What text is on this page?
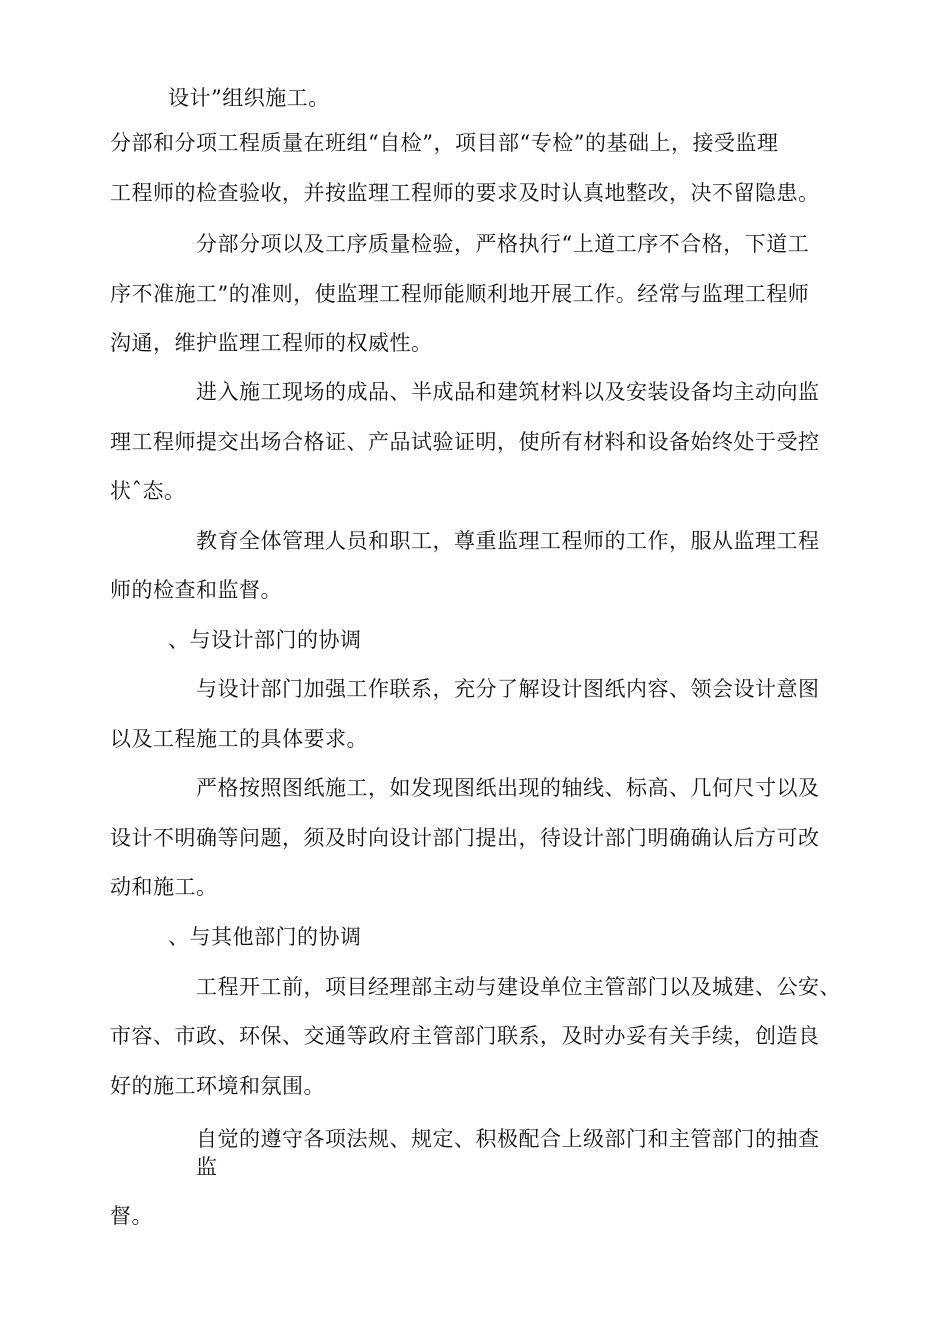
设计”组织施工。
分部和分项工程质量在班组“自检”，项目部“专检”的基础上，接受监理
工程师的检查验收，并按监理工程师的要求及时认真地整改，决不留隐患。
分部分项以及工序质量检验，严格执行“上道工序不合格，下道工
序不准施工”的准则，使监理工程师能顺利地开展工作。经常与监理工程师
沟通，维护监理工程师的权威性。
进入施工现场的成品、半成品和建筑材料以及安装设备均主动向监
理工程师提交出场合格证、产品试验证明，使所有材料和设备始终处于受控
状ˆ态。
教育全体管理人员和职工，尊重监理工程师的工作，服从监理工程
师的检查和监督。
、与设计部门的协调
与设计部门加强工作联系，充分了解设计图纸内容、领会设计意图
以及工程施工的具体要求。
严格按照图纸施工，如发现图纸出现的轴线、标高、几何尺寸以及
设计不明确等问题，须及时向设计部门提出，待设计部门明确确认后方可改
动和施工。
、与其他部门的协调
工程开工前，项目经理部主动与建设单位主管部门以及城建、公安、
市容、市政、环保、交通等政府主管部门联系，及时办妥有关手续，创造良
好的施工环境和氛围。
自觉的遵守各项法规、规定、积极配合上级部门和主管部门的抽查
监
督。
